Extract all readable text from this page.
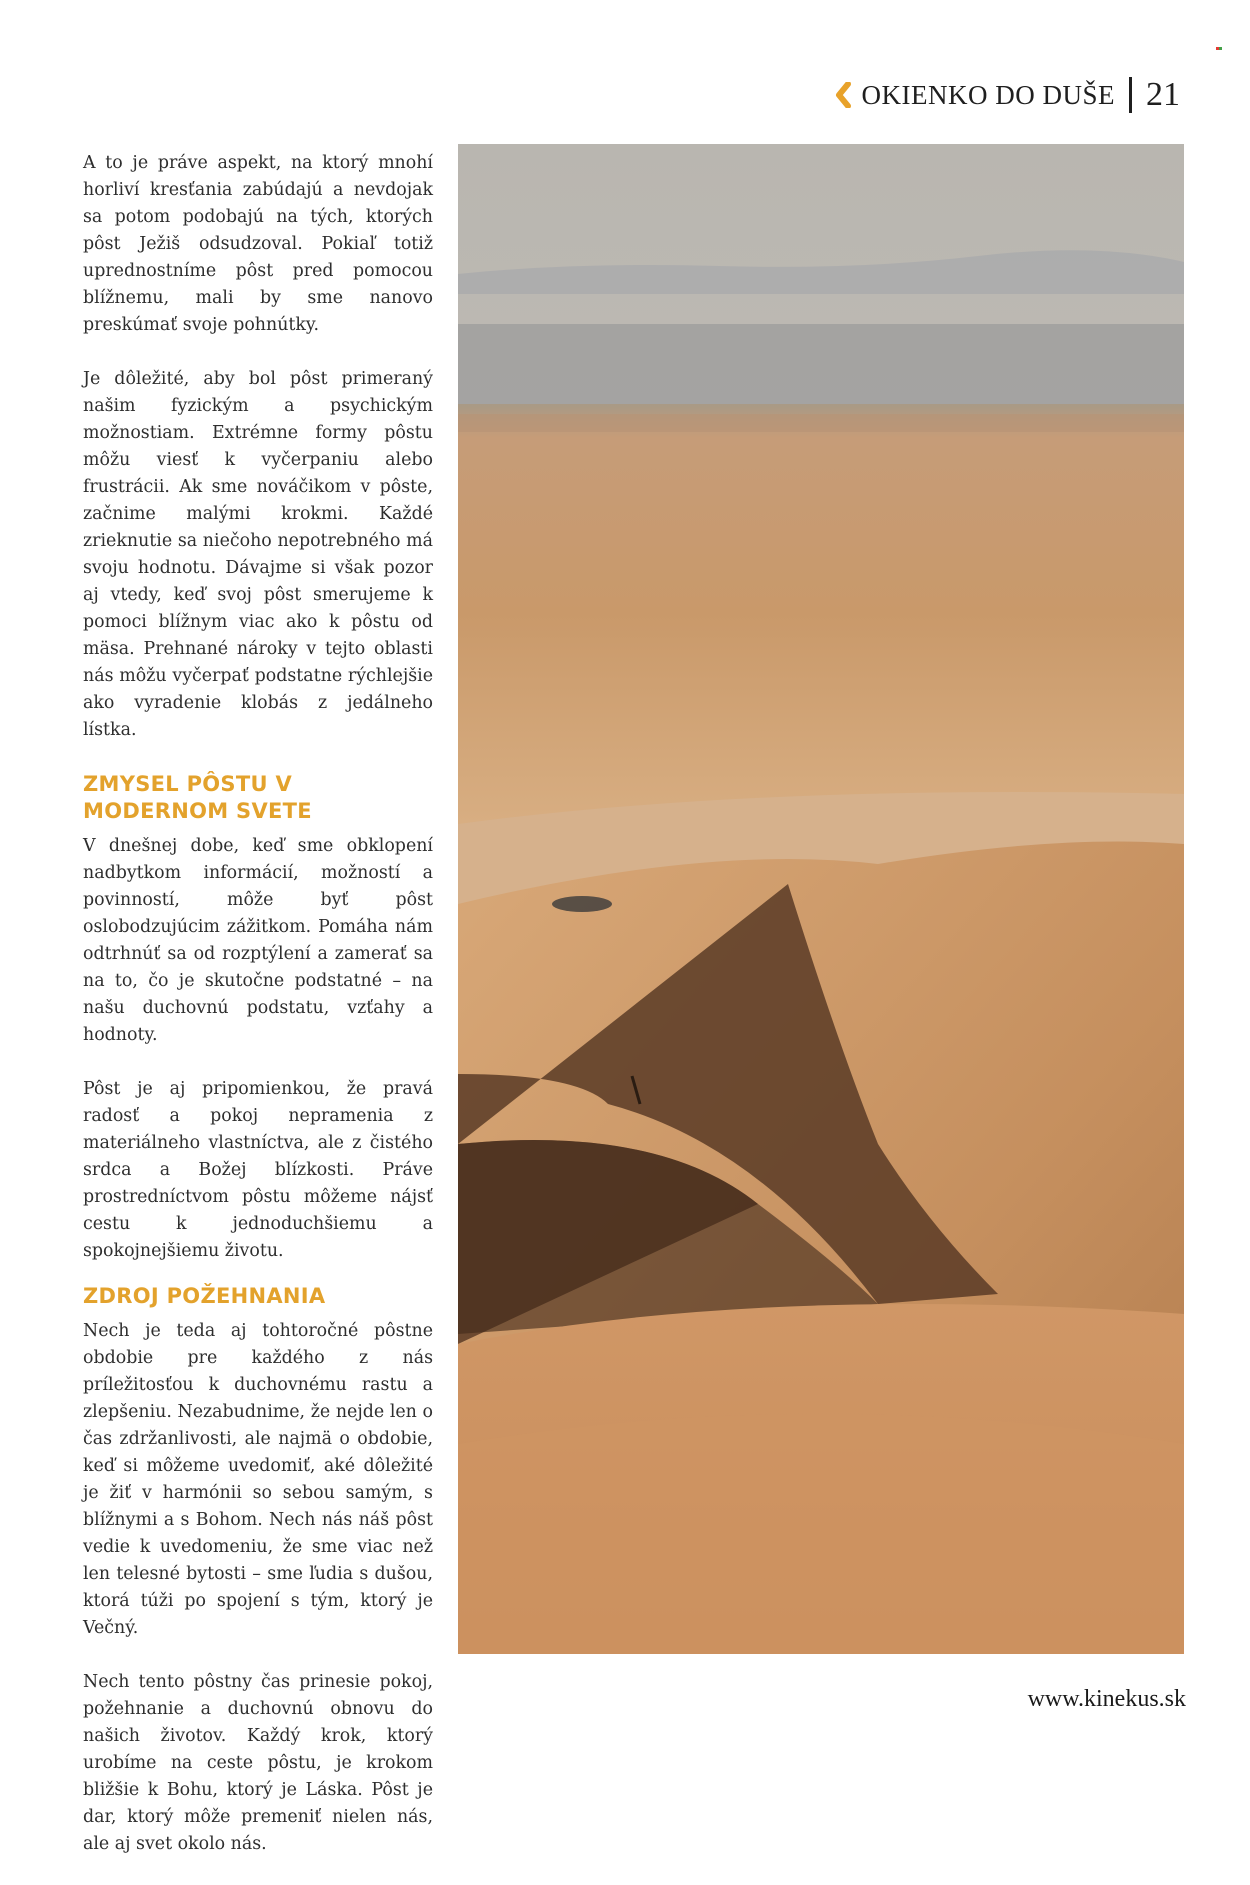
OKIENKO DO DUŠE 21

A to je práve aspekt, na ktorý mnohí horliví kresťania zabúdajú a nevdojak sa potom podobajú na tých, ktorých pôst Ježiš odsudzoval. Pokiaľ totiž uprednostníme pôst pred pomocou blížnemu, mali by sme nanovo preskúmať svoje pohnútky.

Je dôležité, aby bol pôst primeraný našim fyzickým a psychickým možnostiam. Extrémne formy pôstu môžu viesť k vyčerpaniu alebo frustrácii. Ak sme nováčikom v pôste, začnime malými krokmi. Každé zrieknutie sa niečoho nepotrebného má svoju hodnotu. Dávajme si však pozor aj vtedy, keď svoj pôst smerujeme k pomoci blížnym viac ako k pôstu od mäsa. Prehnané nároky v tejto oblasti nás môžu vyčerpať podstatne rýchlejšie ako vyradenie klobás z jedálneho lístka.

ZMYSEL PÔSTU V MODERNOM SVETE

V dnešnej dobe, keď sme obklopení nadbytkom informácií, možností a povinností, môže byť pôst oslobodzujúcim zážitkom. Pomáha nám odtrhnúť sa od rozptýlení a zamerať sa na to, čo je skutočne podstatné – na našu duchovnú podstatu, vzťahy a hodnoty.

Pôst je aj pripomienkou, že pravá radosť a pokoj nepramenia z materiálneho vlastníctva, ale z čistého srdca a Božej blízkosti. Práve prostredníctvom pôstu môžeme nájsť cestu k jednoduchšiemu a spokojnejšiemu životu.

ZDROJ POŽEHNANIA

Nech je teda aj tohtoročné pôstne obdobie pre každého z nás príležitosťou k duchovnému rastu a zlepšeniu. Nezabudnime, že nejde len o čas zdržanlivosti, ale najmä o obdobie, keď si môžeme uvedomiť, aké dôležité je žiť v harmónii so sebou samým, s blížnymi a s Bohom. Nech nás náš pôst vedie k uvedomeniu, že sme viac než len telesné bytosti – sme ľudia s dušou, ktorá túži po spojení s tým, ktorý je Večný.

Nech tento pôstny čas prinesie pokoj, požehnanie a duchovnú obnovu do našich životov. Každý krok, ktorý urobíme na ceste pôstu, je krokom bližšie k Bohu, ktorý je Láska. Pôst je dar, ktorý môže premeniť nielen nás, ale aj svet okolo nás.

www.kinekus.sk
